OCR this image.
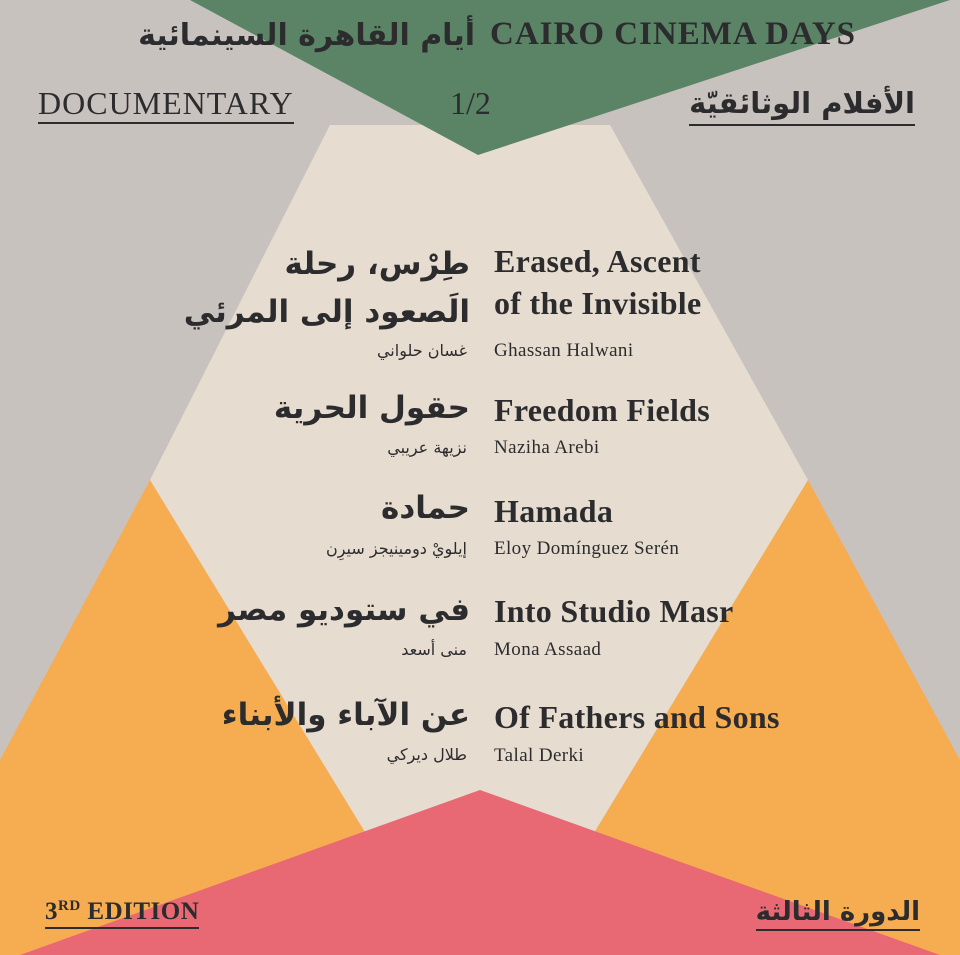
CAIRO CINEMA DAYS
أيام القاهرة السينمائية
DOCUMENTARY	1/2	الأفلام الوثائقيّة
Erased, Ascent
of the Invisible
Ghassan Halwani
طِرْس، رحلة
الَصعود إلى المرئي
غسان حلواني
Freedom Fields
Naziha Arebi
حقول الحرية
نزيهة عريبي
Hamada
Eloy Domínguez Serén
حمادة
إيلويْ دومينيجز سيرِن
Into Studio Masr
Mona Assaad
في ستوديو مصر
منى أسعد
Of Fathers and Sons
Talal Derki
عن الآباء والأبناء
طلال ديركي
3RD EDITION	الدورة الثالثة
